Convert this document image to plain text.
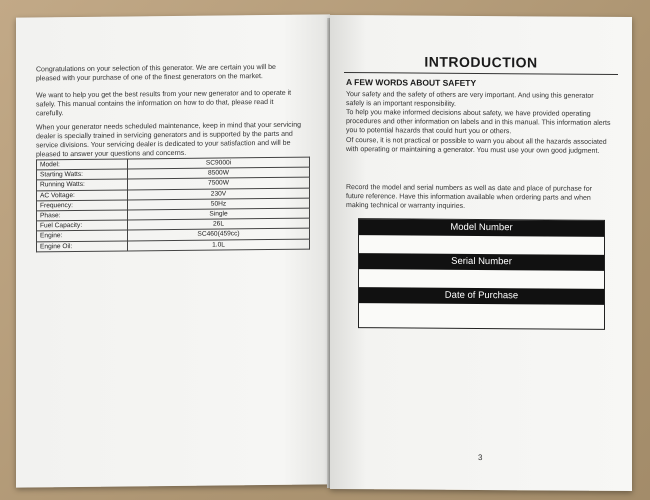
Congratulations on your selection of this generator. We are certain you will be pleased with your purchase of one of the finest generators on the market.

We want to help you get the best results from your new generator and to operate it safely. This manual contains the information on how to do that, please read it carefully.

When your generator needs scheduled maintenance, keep in mind that your servicing dealer is specially trained in servicing generators and is supported by the parts and service divisions. Your servicing dealer is dedicated to your satisfaction and will be pleased to answer your questions and concerns.

Model:	SC9000i
Starting Watts:	8500W
Running Watts:	7500W
AC Voltage:	230V
Frequency:	50Hz
Phase:	Single
Fuel Capacity:	26L
Engine:	SC460(459cc)
Engine Oil:	1.0L
INTRODUCTION
A FEW WORDS ABOUT SAFETY

Your safety and the safety of others are very important. And using this generator safely is an important responsibility.

To help you make informed decisions about safety, we have provided operating procedures and other information on labels and in this manual. This information alerts you to potential hazards that could hurt you or others.

Of course, it is not practical or possible to warn you about all the hazards associated with operating or maintaining a generator. You must use your own good judgment.

Record the model and serial numbers as well as date and place of purchase for future reference. Have this information available when ordering parts and when making technical or warranty inquiries.

Model Number
Serial Number
Date of Purchase
3
